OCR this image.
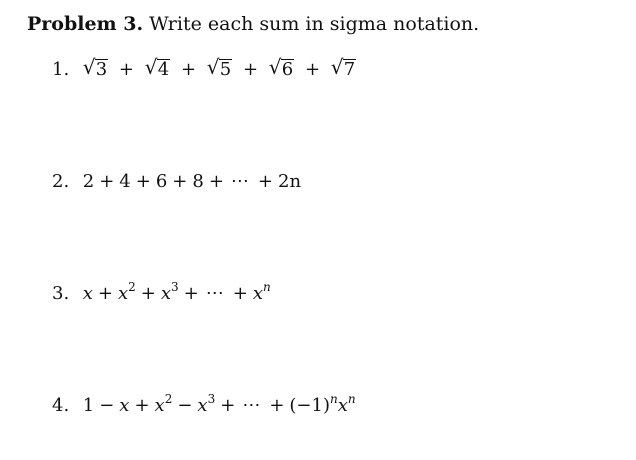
Problem 3. Write each sum in sigma notation.
1. √ 3 + √ 4 + √ 5 + √ 6 + √ 7
2. 2 + 4 + 6 + 8 + ⋯ + 2n
3. $x + x^2 + x^3$ + ⋯ + $x^n$
4. $1 - x + x^2 - x^3$ + ⋯ + $(-1)^nx^n$
